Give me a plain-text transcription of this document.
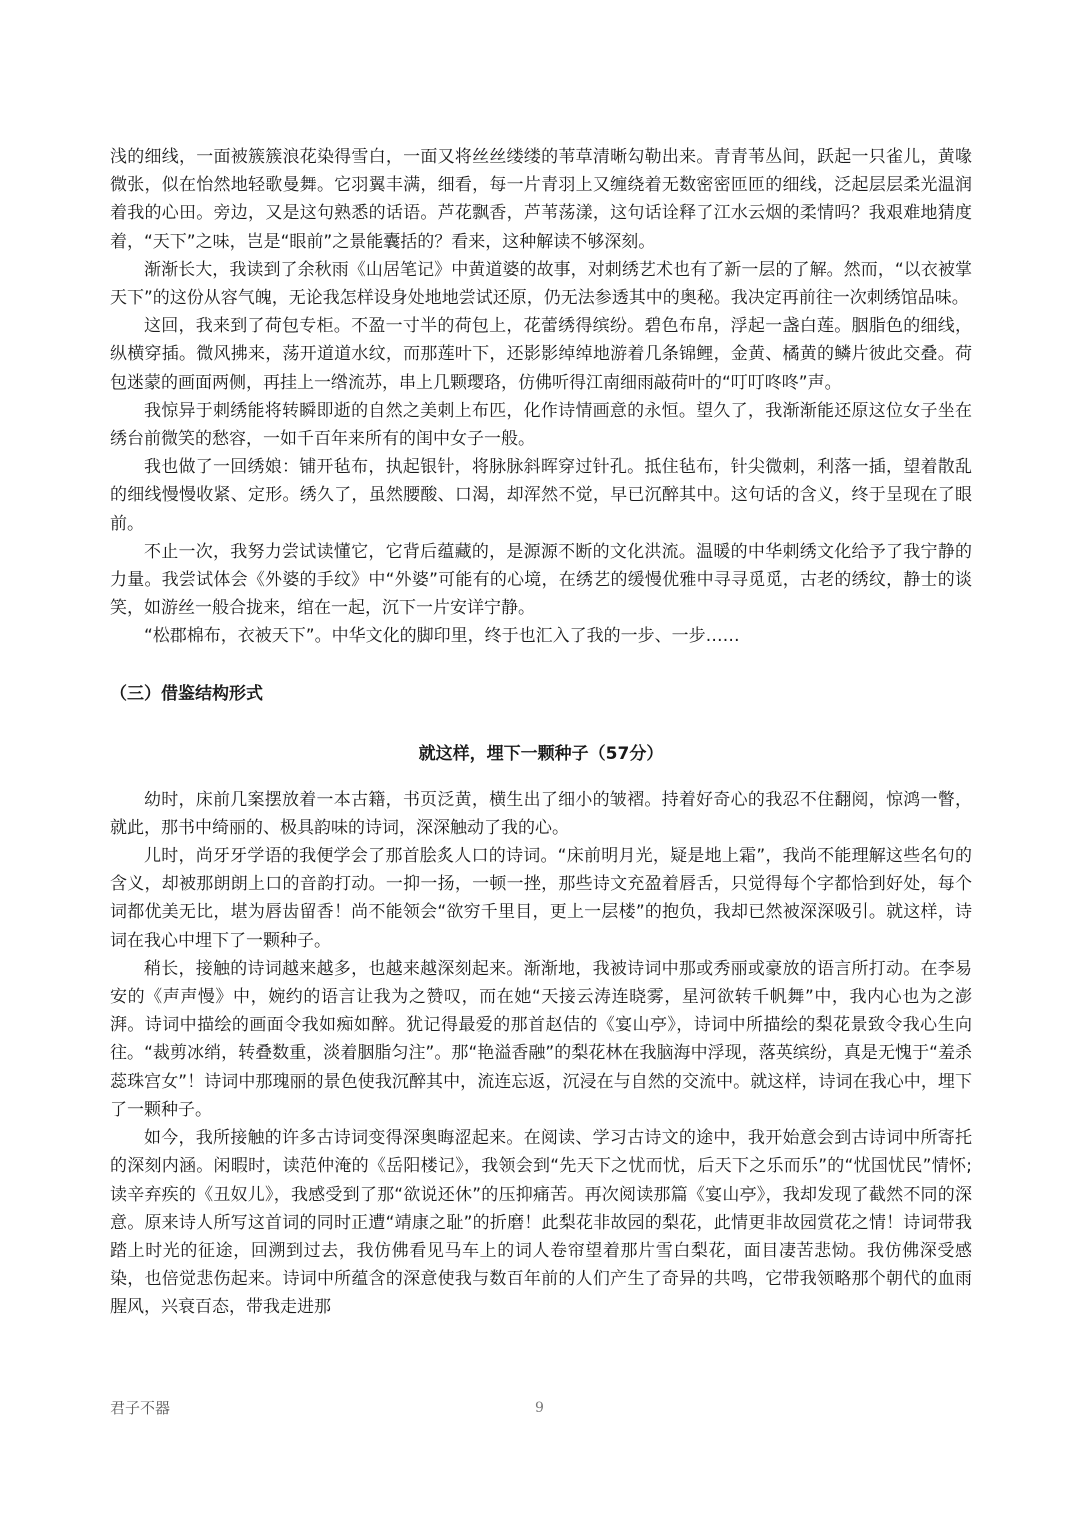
浅的细线，一面被簇簇浪花染得雪白，一面又将丝丝缕缕的苇草清晰勾勒出来。青青苇丛间，跃起一只雀儿，黄喙微张，似在怡然地轻歌曼舞。它羽翼丰满，细看，每一片青羽上又缠绕着无数密密匝匝的细线，泛起层层柔光温润着我的心田。旁边，又是这句熟悉的话语。芦花飘香，芦苇荡漾，这句话诠释了江水云烟的柔情吗？我艰难地猜度着，“天下”之味，岂是“眼前”之景能囊括的？看来，这种解读不够深刻。

渐渐长大，我读到了余秋雨《山居笔记》中黄道婆的故事，对刺绣艺术也有了新一层的了解。然而，“以衣被掌天下”的这份从容气魄，无论我怎样设身处地地尝试还原，仍无法参透其中的奥秘。我决定再前往一次刺绣馆品味。

这回，我来到了荷包专柜。不盈一寸半的荷包上，花蕾绣得缤纷。碧色布帛，浮起一盏白莲。胭脂色的细线，纵横穿插。微风拂来，荡开道道水纹，而那莲叶下，还影影绰绰地游着几条锦鲤，金黄、橘黄的鳞片彼此交叠。荷包迷蒙的画面两侧，再挂上一绺流苏，串上几颗璎珞，仿佛听得江南细雨敲荷叶的“叮叮咚咚”声。

我惊异于刺绣能将转瞬即逝的自然之美刺上布匹，化作诗情画意的永恒。望久了，我渐渐能还原这位女子坐在绣台前微笑的愁容，一如千百年来所有的闺中女子一般。

我也做了一回绣娘：铺开毡布，执起银针，将脉脉斜晖穿过针孔。抵住毡布，针尖微刺，利落一插，望着散乱的细线慢慢收紧、定形。绣久了，虽然腰酸、口渴，却浑然不觉，早已沉醉其中。这句话的含义，终于呈现在了眼前。

不止一次，我努力尝试读懂它，它背后蕴藏的，是源源不断的文化洪流。温暖的中华刺绣文化给予了我宁静的力量。我尝试体会《外婆的手纹》中“外婆”可能有的心境，在绣艺的缓慢优雅中寻寻觅觅，古老的绣纹，静士的谈笑，如游丝一般合拢来，绾在一起，沉下一片安详宁静。

“松郡棉布，衣被天下”。中华文化的脚印里，终于也汇入了我的一步、一步……

（三）借鉴结构形式
就这样，埋下一颗种子（57分）

幼时，床前几案摆放着一本古籍，书页泛黄，横生出了细小的皱褶。持着好奇心的我忍不住翻阅，惊鸿一瞥，就此，那书中绮丽的、极具韵味的诗词，深深触动了我的心。

儿时，尚牙牙学语的我便学会了那首脍炙人口的诗词。“床前明月光，疑是地上霜”，我尚不能理解这些名句的含义，却被那朗朗上口的音韵打动。一抑一扬，一顿一挫，那些诗文充盈着唇舌，只觉得每个字都恰到好处，每个词都优美无比，堪为唇齿留香！尚不能领会“欲穷千里目，更上一层楼”的抱负，我却已然被深深吸引。就这样，诗词在我心中埋下了一颗种子。

稍长，接触的诗词越来越多，也越来越深刻起来。渐渐地，我被诗词中那或秀丽或豪放的语言所打动。在李易安的《声声慢》中，婉约的语言让我为之赞叹，而在她“天接云涛连晓雾，星河欲转千帆舞”中，我内心也为之澎湃。诗词中描绘的画面令我如痴如醉。犹记得最爱的那首赵佶的《宴山亭》，诗词中所描绘的梨花景致令我心生向往。“裁剪冰绡，转叠数重，淡着胭脂匀注”。那“艳溢香融”的梨花林在我脑海中浮现，落英缤纷，真是无愧于“羞杀蕊珠宫女”！诗词中那瑰丽的景色使我沉醉其中，流连忘返，沉浸在与自然的交流中。就这样，诗词在我心中，埋下了一颗种子。

如今，我所接触的许多古诗词变得深奥晦涩起来。在阅读、学习古诗文的途中，我开始意会到古诗词中所寄托的深刻内涵。闲暇时，读范仲淹的《岳阳楼记》，我领会到“先天下之忧而忧，后天下之乐而乐”的“忧国忧民”情怀;读辛弃疾的《丑奴儿》，我感受到了那“欲说还休”的压抑痛苦。再次阅读那篇《宴山亭》，我却发现了截然不同的深意。原来诗人所写这首词的同时正遭“靖康之耻”的折磨！此梨花非故园的梨花，此情更非故园赏花之情！诗词带我踏上时光的征途，回溯到过去，我仿佛看见马车上的词人卷帘望着那片雪白梨花，面目凄苦悲恸。我仿佛深受感染，也倍觉悲伤起来。诗词中所蕴含的深意使我与数百年前的人们产生了奇异的共鸣，它带我领略那个朝代的血雨腥风，兴衰百态，带我走进那

君子不器	9
